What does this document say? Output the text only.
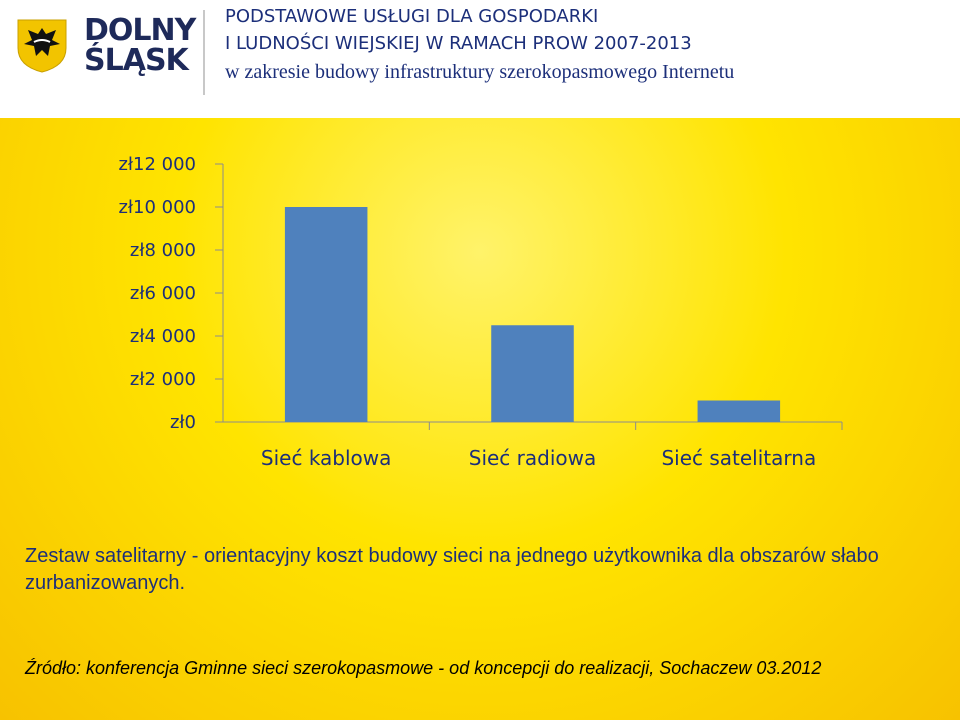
DOLNY
ŚLĄSK
PODSTAWOWE USŁUGI DLA GOSPODARKI
I LUDNOŚCI WIEJSKIEJ W RAMACH PROW 2007-2013
w zakresie budowy infrastruktury szerokopasmowego Internetu
zł0
zł2 000
zł4 000
zł6 000
zł8 000
zł10 000
zł12 000
Sieć kablowa	Sieć radiowa	Sieć satelitarna
Zestaw satelitarny - orientacyjny koszt budowy sieci na jednego użytkownika dla obszarów słabo zurbanizowanych.
Źródło: konferencja Gminne sieci szerokopasmowe - od koncepcji do realizacji, Sochaczew 03.2012
